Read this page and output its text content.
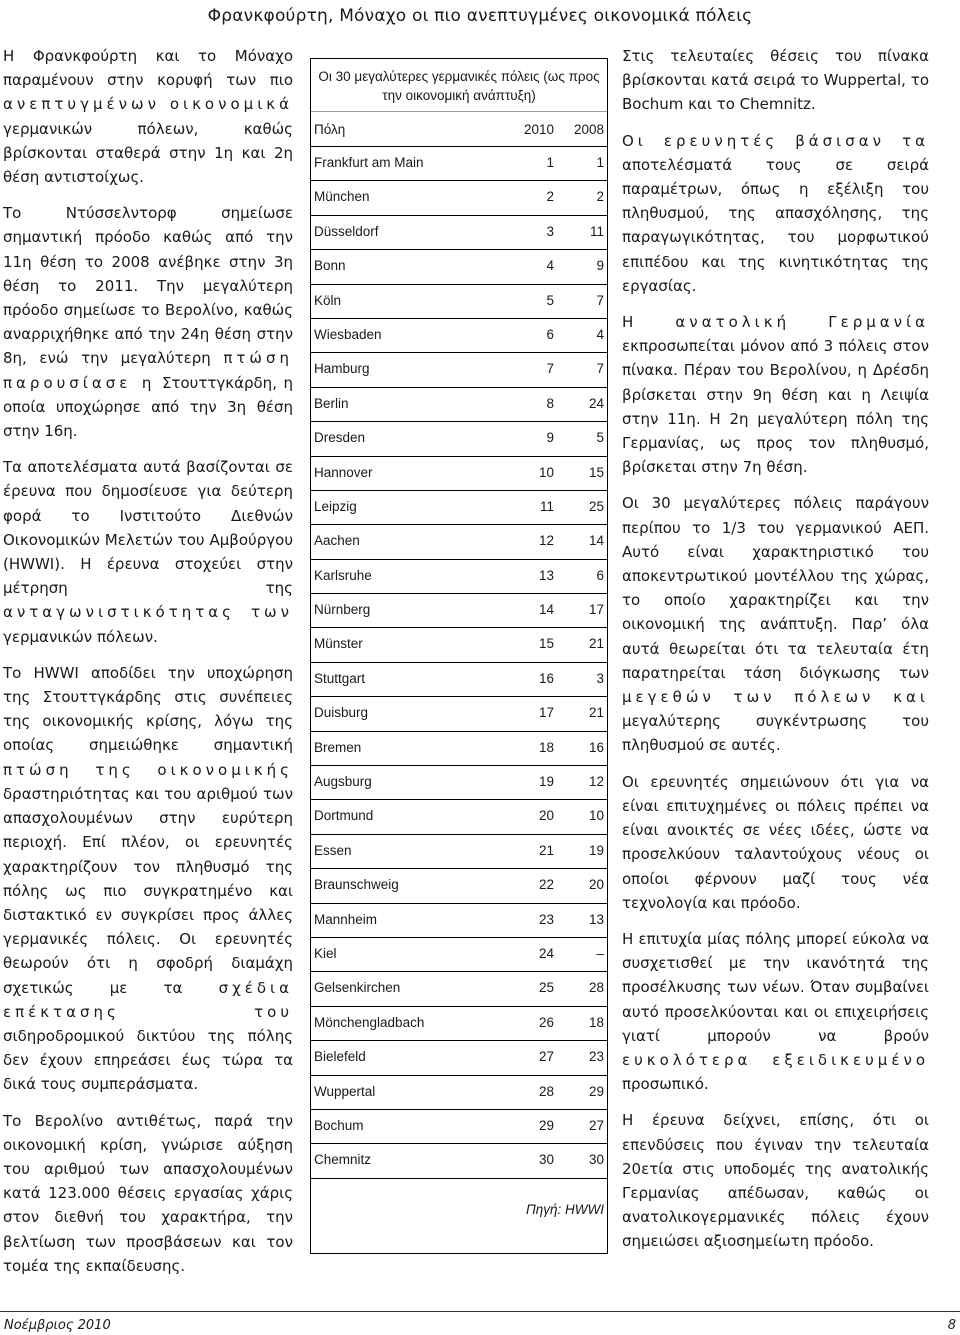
Φρανκφούρτη, Μόναχο οι πιο ανεπτυγμένες οικονομικά πόλεις

Η Φρανκφούρτη και το Μόναχο παραμένουν στην κορυφή των πιο ανεπτυγμένων οικονομικά γερμανικών πόλεων, καθώς βρίσκονται σταθερά στην 1η και 2η θέση αντιστοίχως.

Το Ντύσσελντορφ σημείωσε σημαντική πρόοδο καθώς από την 11η θέση το 2008 ανέβηκε στην 3η θέση το 2011. Την μεγαλύτερη πρόοδο σημείωσε το Βερολίνο, καθώς αναρριχήθηκε από την 24η θέση στην 8η, ενώ την μεγαλύτερη πτώση παρουσίασε η Στουττγκάρδη, η οποία υποχώρησε από την 3η θέση στην 16η.

Τα αποτελέσματα αυτά βασίζονται σε έρευνα που δημοσίευσε για δεύτερη φορά το Ινστιτούτο Διεθνών Οικονομικών Μελετών του Αμβούργου (HWWI). Η έρευνα στοχεύει στην μέτρηση της ανταγωνιστικότητας των γερμανικών πόλεων.

Το HWWI αποδίδει την υποχώρηση της Στουττγκάρδης στις συνέπειες της οικονομικής κρίσης, λόγω της οποίας σημειώθηκε σημαντική πτώση της οικονομικής δραστηριότητας και του αριθμού των απασχολουμένων στην ευρύτερη περιοχή. Επί πλέον, οι ερευνητές χαρακτηρίζουν τον πληθυσμό της πόλης ως πιο συγκρατημένο και διστακτικό εν συγκρίσει προς άλλες γερμανικές πόλεις. Οι ερευνητές θεωρούν ότι η σφοδρή διαμάχη σχετικώς με τα σχέδια επέκτασης του σιδηροδρομικού δικτύου της πόλης δεν έχουν επηρεάσει έως τώρα τα δικά τους συμπεράσματα.

Το Βερολίνο αντιθέτως, παρά την οικονομική κρίση, γνώρισε αύξηση του αριθμού των απασχολουμένων κατά 123.000 θέσεις εργασίας χάρις στον διεθνή του χαρακτήρα, την βελτίωση των προσβάσεων και τον τομέα της εκπαίδευσης.

Οι 30 μεγαλύτερες γερμανικές πόλεις (ως προς την οικονομική ανάπτυξη)
Πόλη	2010	2008
Frankfurt am Main	1	1
München	2	2
Düsseldorf	3	11
Bonn	4	9
Köln	5	7
Wiesbaden	6	4
Hamburg	7	7
Berlin	8	24
Dresden	9	5
Hannover	10	15
Leipzig	11	25
Aachen	12	14
Karlsruhe	13	6
Nürnberg	14	17
Münster	15	21
Stuttgart	16	3
Duisburg	17	21
Bremen	18	16
Augsburg	19	12
Dortmund	20	10
Essen	21	19
Braunschweig	22	20
Mannheim	23	13
Kiel	24	–
Gelsenkirchen	25	28
Mönchengladbach	26	18
Bielefeld	27	23
Wuppertal	28	29
Bochum	29	27
Chemnitz	30	30
Πηγή: HWWI

Στις τελευταίες θέσεις του πίνακα βρίσκονται κατά σειρά το Wuppertal, το Bochum και το Chemnitz.

Οι ερευνητές βάσισαν τα αποτελέσματά τους σε σειρά παραμέτρων, όπως η εξέλιξη του πληθυσμού, της απασχόλησης, της παραγωγικότητας, του μορφωτικού επιπέδου και της κινητικότητας της εργασίας.

Η ανατολική Γερμανία εκπροσωπείται μόνον από 3 πόλεις στον πίνακα. Πέραν του Βερολίνου, η Δρέσδη βρίσκεται στην 9η θέση και η Λειψία στην 11η. Η 2η μεγαλύτερη πόλη της Γερμανίας, ως προς τον πληθυσμό, βρίσκεται στην 7η θέση.

Οι 30 μεγαλύτερες πόλεις παράγουν περίπου το 1/3 του γερμανικού ΑΕΠ. Αυτό είναι χαρακτηριστικό του αποκεντρωτικού μοντέλλου της χώρας, το οποίο χαρακτηρίζει και την οικονομική της ανάπτυξη. Παρ’ όλα αυτά θεωρείται ότι τα τελευταία έτη παρατηρείται τάση διόγκωσης των μεγεθών των πόλεων και μεγαλύτερης συγκέντρωσης του πληθυσμού σε αυτές.

Οι ερευνητές σημειώνουν ότι για να είναι επιτυχημένες οι πόλεις πρέπει να είναι ανοικτές σε νέες ιδέες, ώστε να προσελκύουν ταλαντούχους νέους οι οποίοι φέρνουν μαζί τους νέα τεχνολογία και πρόοδο.

Η επιτυχία μίας πόλης μπορεί εύκολα να συσχετισθεί με την ικανότητά της προσέλκυσης των νέων. Όταν συμβαίνει αυτό προσελκύονται και οι επιχειρήσεις γιατί μπορούν να βρούν ευκολότερα εξειδικευμένο προσωπικό.

Η έρευνα δείχνει, επίσης, ότι οι επενδύσεις που έγιναν την τελευταία 20ετία στις υποδομές της ανατολικής Γερμανίας απέδωσαν, καθώς οι ανατολικογερμανικές πόλεις έχουν σημειώσει αξιοσημείωτη πρόοδο.

Νοέμβριος 2010	8
